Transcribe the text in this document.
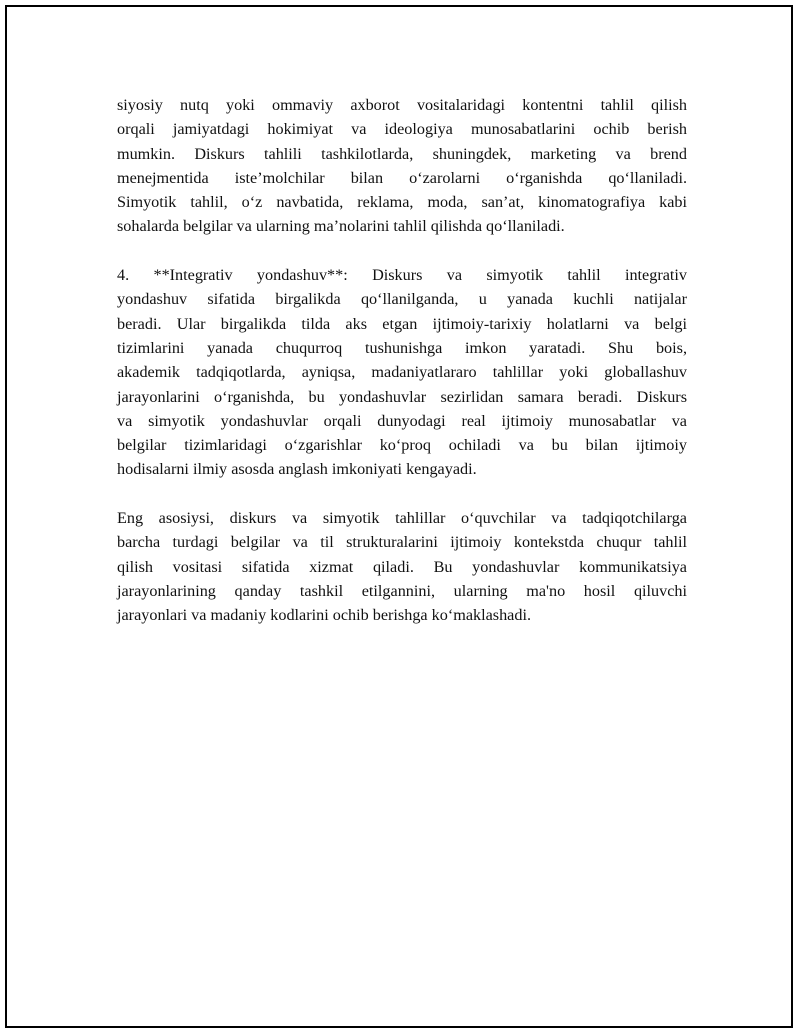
siyosiy nutq yoki ommaviy axborot vositalaridagi kontentni tahlil qilish
orqali jamiyatdagi hokimiyat va ideologiya munosabatlarini ochib berish
mumkin. Diskurs tahlili tashkilotlarda, shuningdek, marketing va brend
menejmentida iste’molchilar bilan o‘zarolarni o‘rganishda qo‘llaniladi.
Simyotik tahlil, o‘z navbatida, reklama, moda, san’at, kinomatografiya kabi
sohalarda belgilar va ularning ma’nolarini tahlil qilishda qo‘llaniladi.

4. **Integrativ yondashuv**: Diskurs va simyotik tahlil integrativ
yondashuv sifatida birgalikda qo‘llanilganda, u yanada kuchli natijalar
beradi. Ular birgalikda tilda aks etgan ijtimoiy-tarixiy holatlarni va belgi
tizimlarini yanada chuqurroq tushunishga imkon yaratadi. Shu bois,
akademik tadqiqotlarda, ayniqsa, madaniyatlararo tahlillar yoki globallashuv
jarayonlarini o‘rganishda, bu yondashuvlar sezirlidan samara beradi. Diskurs
va simyotik yondashuvlar orqali dunyodagi real ijtimoiy munosabatlar va
belgilar tizimlaridagi o‘zgarishlar ko‘proq ochiladi va bu bilan ijtimoiy
hodisalarni ilmiy asosda anglash imkoniyati kengayadi.

Eng asosiysi, diskurs va simyotik tahlillar o‘quvchilar va tadqiqotchilarga
barcha turdagi belgilar va til strukturalarini ijtimoiy kontekstda chuqur tahlil
qilish vositasi sifatida xizmat qiladi. Bu yondashuvlar kommunikatsiya
jarayonlarining qanday tashkil etilgannini, ularning ma'no hosil qiluvchi
jarayonlari va madaniy kodlarini ochib berishga ko‘maklashadi.
